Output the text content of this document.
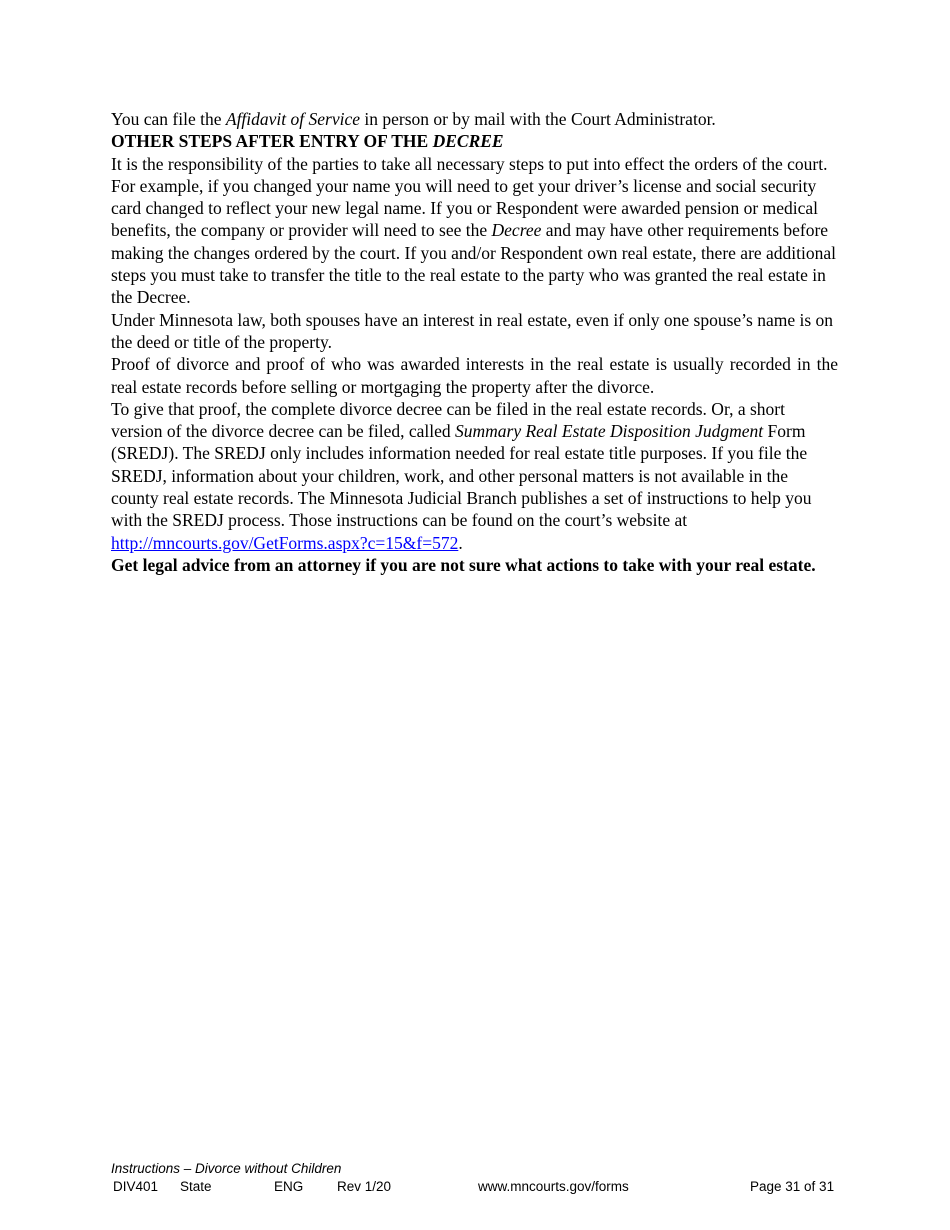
You can file the Affidavit of Service in person or by mail with the Court Administrator.

OTHER STEPS AFTER ENTRY OF THE DECREE

It is the responsibility of the parties to take all necessary steps to put into effect the orders of the court. For example, if you changed your name you will need to get your driver’s license and social security card changed to reflect your new legal name. If you or Respondent were awarded pension or medical benefits, the company or provider will need to see the Decree and may have other requirements before making the changes ordered by the court. If you and/or Respondent own real estate, there are additional steps you must take to transfer the title to the real estate to the party who was granted the real estate in the Decree.

Under Minnesota law, both spouses have an interest in real estate, even if only one spouse’s name is on the deed or title of the property.

Proof of divorce and proof of who was awarded interests in the real estate is usually recorded in the real estate records before selling or mortgaging the property after the divorce.

To give that proof, the complete divorce decree can be filed in the real estate records. Or, a short version of the divorce decree can be filed, called Summary Real Estate Disposition Judgment Form (SREDJ). The SREDJ only includes information needed for real estate title purposes. If you file the SREDJ, information about your children, work, and other personal matters is not available in the county real estate records. The Minnesota Judicial Branch publishes a set of instructions to help you with the SREDJ process. Those instructions can be found on the court’s website at http://mncourts.gov/GetForms.aspx?c=15&f=572.

Get legal advice from an attorney if you are not sure what actions to take with your real estate.

Instructions – Divorce without Children
DIV401 State	ENG Rev 1/20	www.mncourts.gov/forms	Page 31 of 31
